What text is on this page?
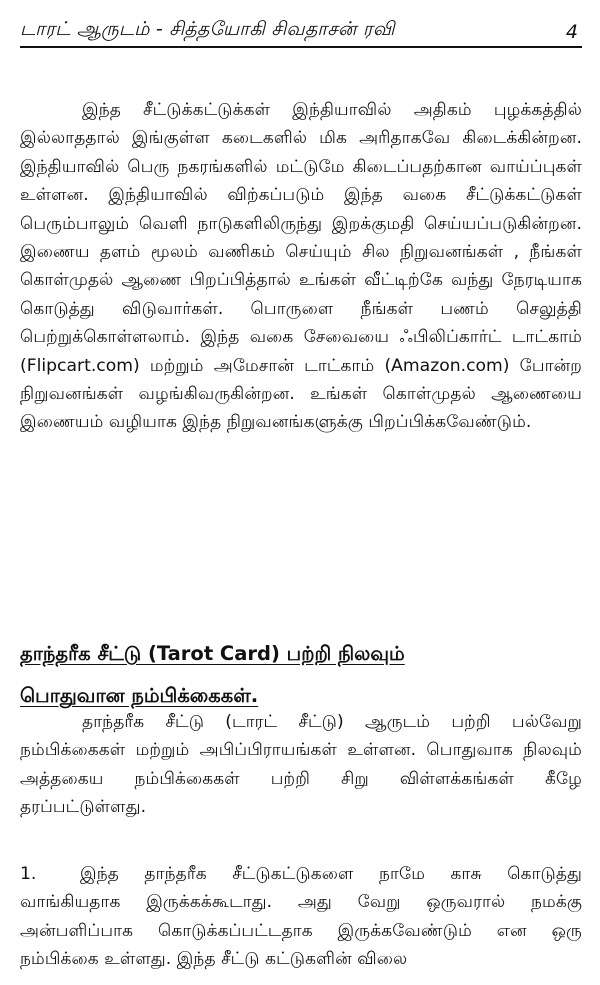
டாரட் ஆருடம் - சித்தயோகி சிவதாசன் ரவி	4

இந்த சீட்டுக்கட்டுக்கள் இந்தியாவில் அதிகம் புழக்கத்தில் இல்லாததால் இங்குள்ள கடைகளில் மிக அரிதாகவே கிடைக்கின்றன. இந்தியாவில் பெரு நகரங்களில் மட்டுமே கிடைப்பதற்கான வாய்ப்புகள் உள்ளன. இந்தியாவில் விற்கப்படும் இந்த வகை சீட்டுக்கட்டுகள் பெரும்பாலும் வெளி நாடுகளிலிருந்து இறக்குமதி செய்யப்படுகின்றன. இணைய தளம் மூலம் வணிகம் செய்யும் சில நிறுவனங்கள் , நீங்கள் கொள்முதல் ஆணை பிறப்பித்தால் உங்கள் வீட்டிற்கே வந்து நேரடியாக கொடுத்து விடுவார்கள். பொருளை நீங்கள் பணம் செலுத்தி பெற்றுக்கொள்ளலாம். இந்த வகை சேவையை ஃபிலிப்கார்ட் டாட்காம் (Flipcart.com) மற்றும் அமேசான் டாட்காம் (Amazon.com) போன்ற நிறுவனங்கள் வழங்கிவருகின்றன. உங்கள் கொள்முதல் ஆணையை இணையம் வழியாக இந்த நிறுவனங்களுக்கு பிறப்பிக்கவேண்டும்.

தாந்தரீக சீட்டு (Tarot Card) பற்றி நிலவும்

பொதுவான நம்பிக்கைகள்.

தாந்தரீக சீட்டு (டாரட் சீட்டு) ஆருடம் பற்றி பல்வேறு நம்பிக்கைகள் மற்றும் அபிப்பிராயங்கள் உள்ளன. பொதுவாக நிலவும் அத்தகைய நம்பிக்கைகள் பற்றி சிறு விள்ளக்கங்கள் கீழே தரப்பட்டுள்ளது.

1.	இந்த தாந்தரீக சீட்டுகட்டுகளை நாமே காசு கொடுத்து வாங்கியதாக இருக்கக்கூடாது. அது வேறு ஒருவரால் நமக்கு அன்பளிப்பாக கொடுக்கப்பட்டதாக இருக்கவேண்டும் என ஒரு நம்பிக்கை உள்ளது. இந்த சீட்டு கட்டுகளின் விலை
